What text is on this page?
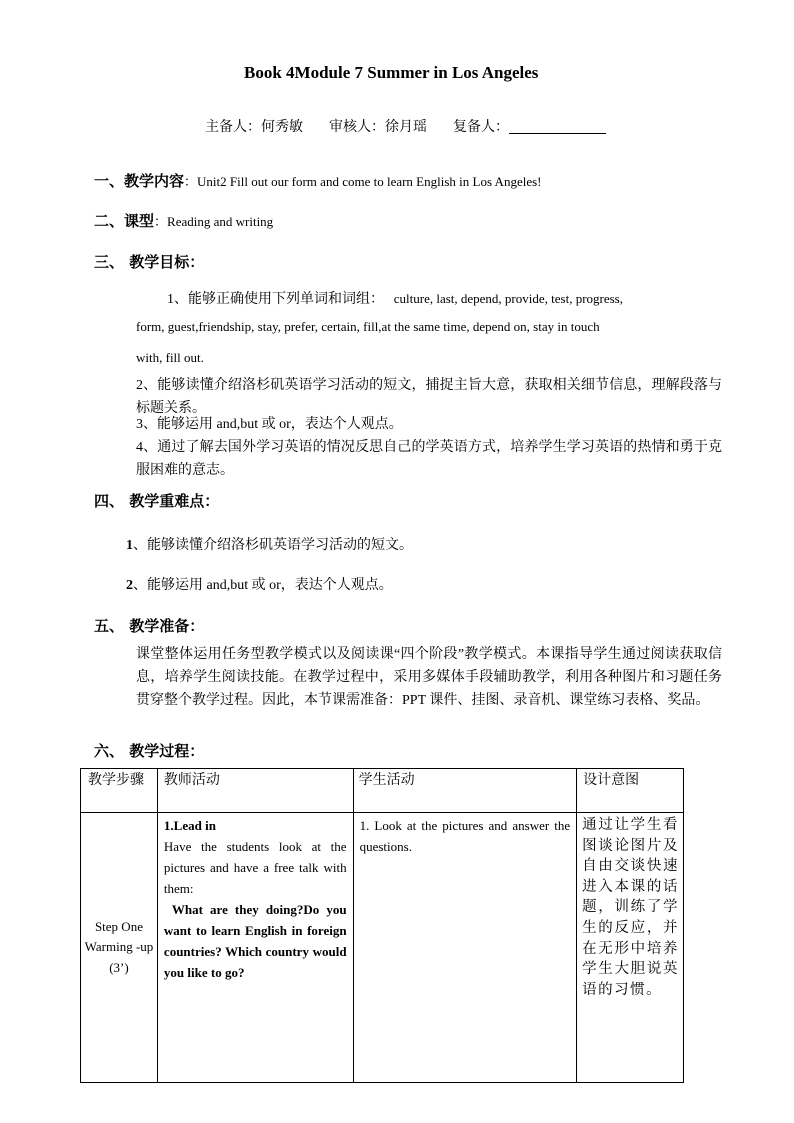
Book 4Module 7 Summer in Los Angeles
主备人：何秀敏 审核人：徐月瑶 复备人：
一、教学内容：Unit2 Fill out our form and come to learn English in Los Angeles!
二、课型：Reading and writing
三、 教学目标：
1、能够正确使用下列单词和词组： culture, last, depend, provide, test, progress,
form, guest,friendship, stay, prefer, certain, fill,at the same time, depend on, stay in touch
with, fill out.
2、能够读懂介绍洛杉矶英语学习活动的短文，捕捉主旨大意，获取相关细节信息，理解段落与标题关系。
3、能够运用 and,but 或 or，表达个人观点。
4、通过了解去国外学习英语的情况反思自己的学英语方式，培养学生学习英语的热情和勇于克服困难的意志。
四、 教学重难点：
1、能够读懂介绍洛杉矶英语学习活动的短文。
2、能够运用 and,but 或 or，表达个人观点。
五、 教学准备：
课堂整体运用任务型教学模式以及阅读课“四个阶段”教学模式。本课指导学生通过阅读获取信息，培养学生阅读技能。在教学过程中，采用多媒体手段辅助教学，利用各种图片和习题任务贯穿整个教学过程。因此，本节课需准备：PPT 课件、挂图、录音机、课堂练习表格、奖品。
六、 教学过程：
教学步骤	教师活动	学生活动	设计意图

Step One Warming -up (3’)	1.Lead in
Have the students look at the pictures and have a free talk with them:
What are they doing?Do you want to learn English in foreign countries? Which country would you like to go?	1. Look at the pictures and answer the questions.	通过让学生看图谈论图片及自由交谈快速进入本课的话题，训练了学生的反应，并在无形中培养学生大胆说英语的习惯。
